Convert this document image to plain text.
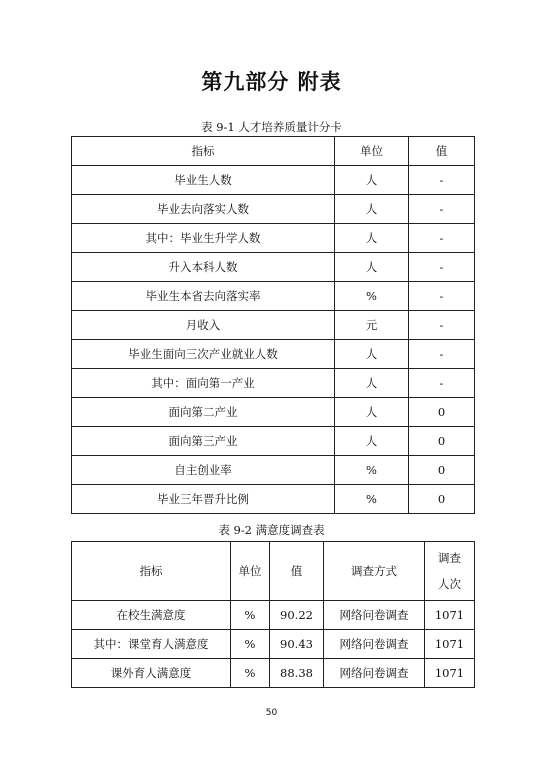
第九部分 附表
表 9-1 人才培养质量计分卡
指标	单位	值
毕业生人数	人	-
毕业去向落实人数	人	-
其中：毕业生升学人数	人	-
升入本科人数	人	-
毕业生本省去向落实率	%	-
月收入	元	-
毕业生面向三次产业就业人数	人	-
其中：面向第一产业	人	-
面向第二产业	人	0
面向第三产业	人	0
自主创业率	%	0
毕业三年晋升比例	%	0
表 9-2 满意度调查表
指标	单位	值	调查方式	调查
人次

在校生满意度	%	90.22	网络问卷调查	1071
其中：课堂育人满意度	%	90.43	网络问卷调查	1071
课外育人满意度	%	88.38	网络问卷调查	1071
50
